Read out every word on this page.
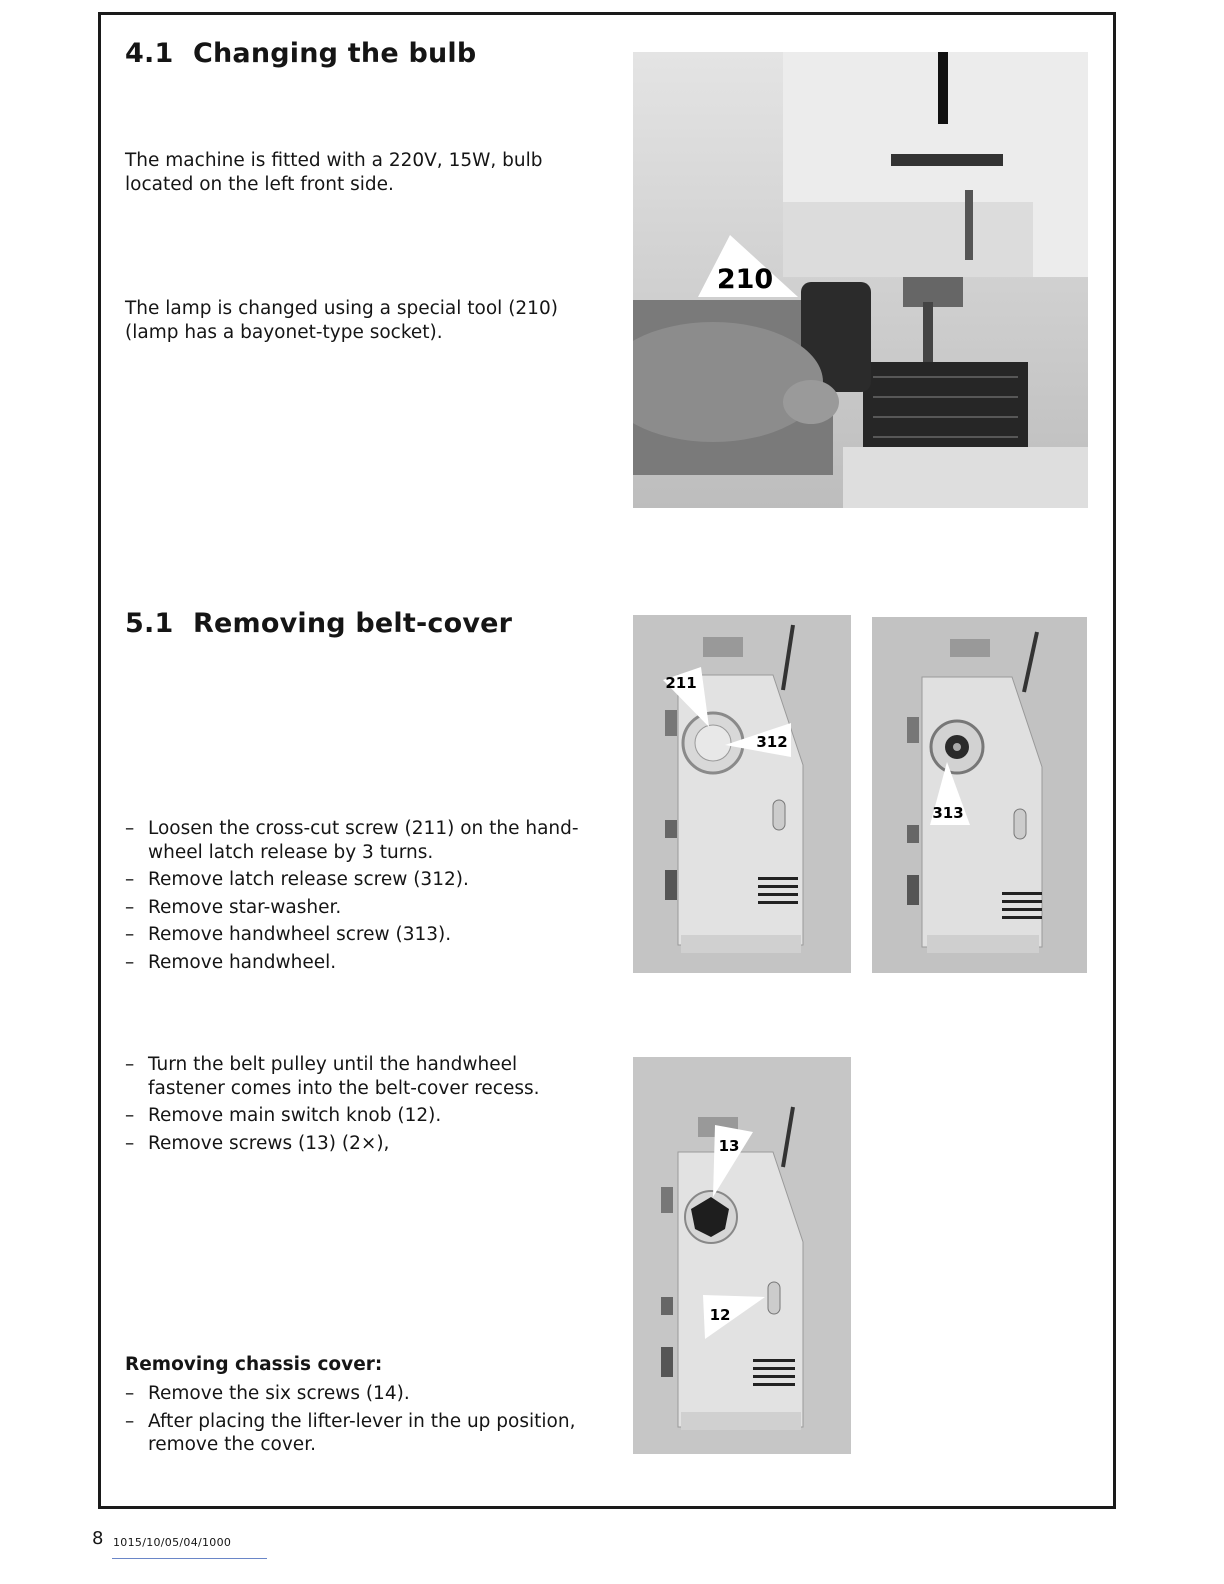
4.1 Changing the bulb

The machine is fitted with a 220V, 15W, bulb located on the left front side.

The lamp is changed using a special tool (210) (lamp has a bayonet-type socket).

210
5.1 Removing belt-cover
– Loosen the cross-cut screw (211) on the hand-wheel latch release by 3 turns.
– Remove latch release screw (312).
– Remove star-washer.
– Remove handwheel screw (313).
– Remove handwheel.
– Turn the belt pulley until the handwheel fastener comes into the belt-cover recess.
– Remove main switch knob (12).
– Remove screws (13) (2×),

Removing chassis cover:

– Remove the six screws (14).
– After placing the lifter-lever in the up position, remove the cover.
211
312
313
13
12
8 1015/10/05/04/1000
